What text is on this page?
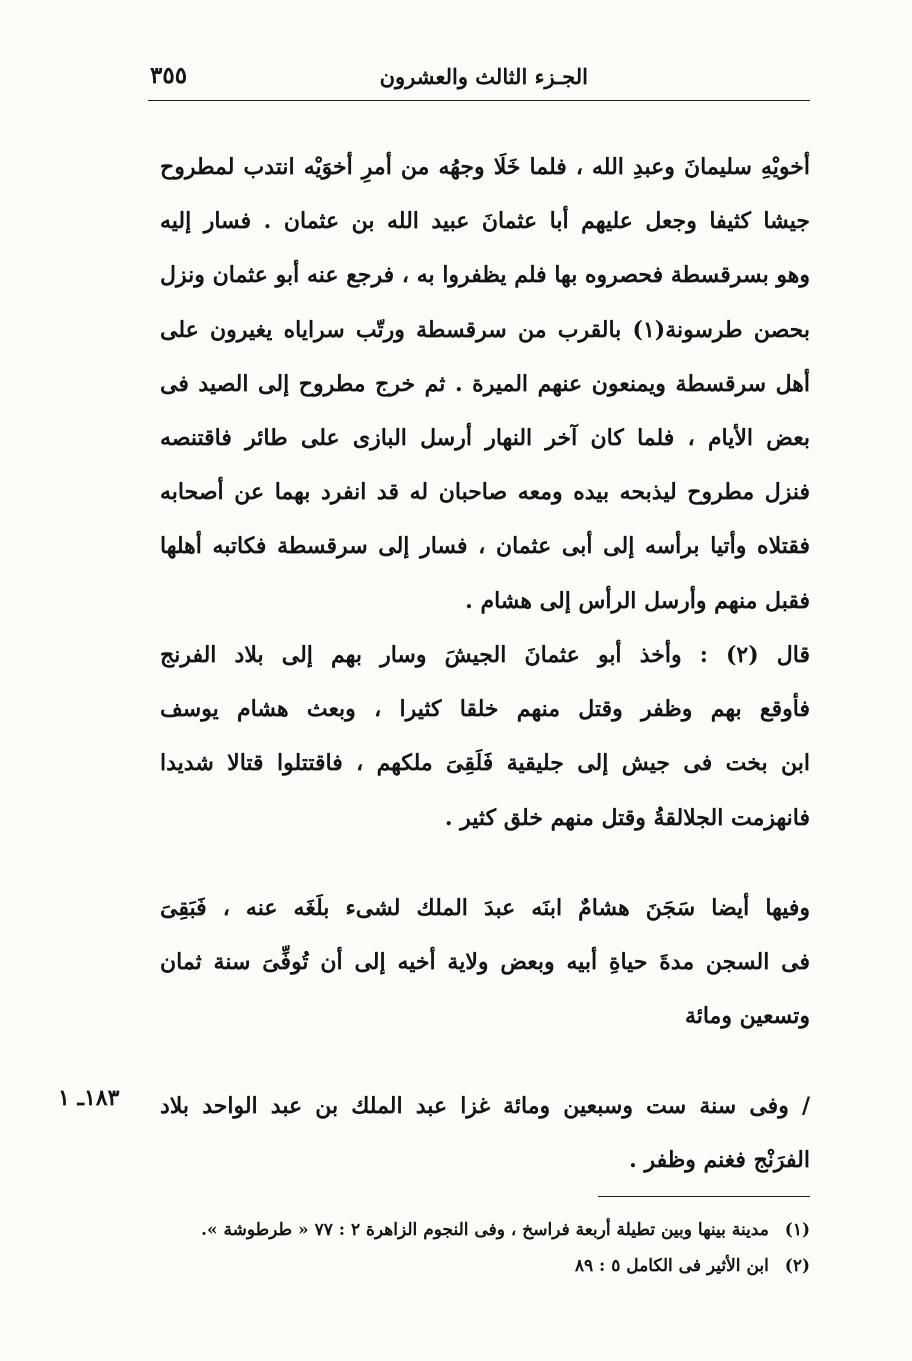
الجـزء الثالث والعشرون
٣٥٥
أخويْهِ سليمانَ وعبدِ الله ، فلما خَلَا وجهُه من أمرِ أخوَيْه انتدب لمطروح
جيشا كثيفا وجعل عليهم أبا عثمانَ عبيد الله بن عثمان . فسار إليه
وهو بسرقسطة فحصروه بها فلم يظفروا به ، فرجع عنه أبو عثمان ونزل
بحصن طرسونة(١) بالقرب من سرقسطة ورتّب سراياه يغيرون على
أهل سرقسطة ويمنعون عنهم الميرة . ثم خرج مطروح إلى الصيد فى
بعض الأيام ، فلما كان آخر النهار أرسل البازى على طائر فاقتنصه
فنزل مطروح ليذبحه بيده ومعه صاحبان له قد انفرد بهما عن أصحابه
فقتلاه وأتيا برأسه إلى أبى عثمان ، فسار إلى سرقسطة فكاتبه أهلها
فقبل منهم وأرسل الرأس إلى هشام .
قال (٢) : وأخذ أبو عثمانَ الجيشَ وسار بهم إلى بلاد الفرنج
فأوقع بهم وظفر وقتل منهم خلقا كثيرا ، وبعث هشام يوسف
ابن بخت فى جيش إلى جليقية فَلَقِىَ ملكهم ، فاقتتلوا قتالا شديدا
فانهزمت الجلالقةُ وقتل منهم خلق كثير .
وفيها أيضا سَجَنَ هشامٌ ابنَه عبدَ الملك لشىء بلَغَه عنه ، فَبَقِىَ
فى السجن مدةَ حياةِ أبيه وبعض ولاية أخيه إلى أن تُوفِّىَ سنة ثمان
وتسعين ومائة
/ وفى سنة ست وسبعين ومائة غزا عبد الملك بن عبد الواحد بلاد
الفرَنْج فغنم وظفر .
١٨٣ـ ١
(١) مدينة بينها وبين تطيلة أربعة فراسخ ، وفى النجوم الزاهرة ٢ : ٧٧ « طرطوشة ».
(٢) ابن الأثير فى الكامل ٥ : ٨٩
